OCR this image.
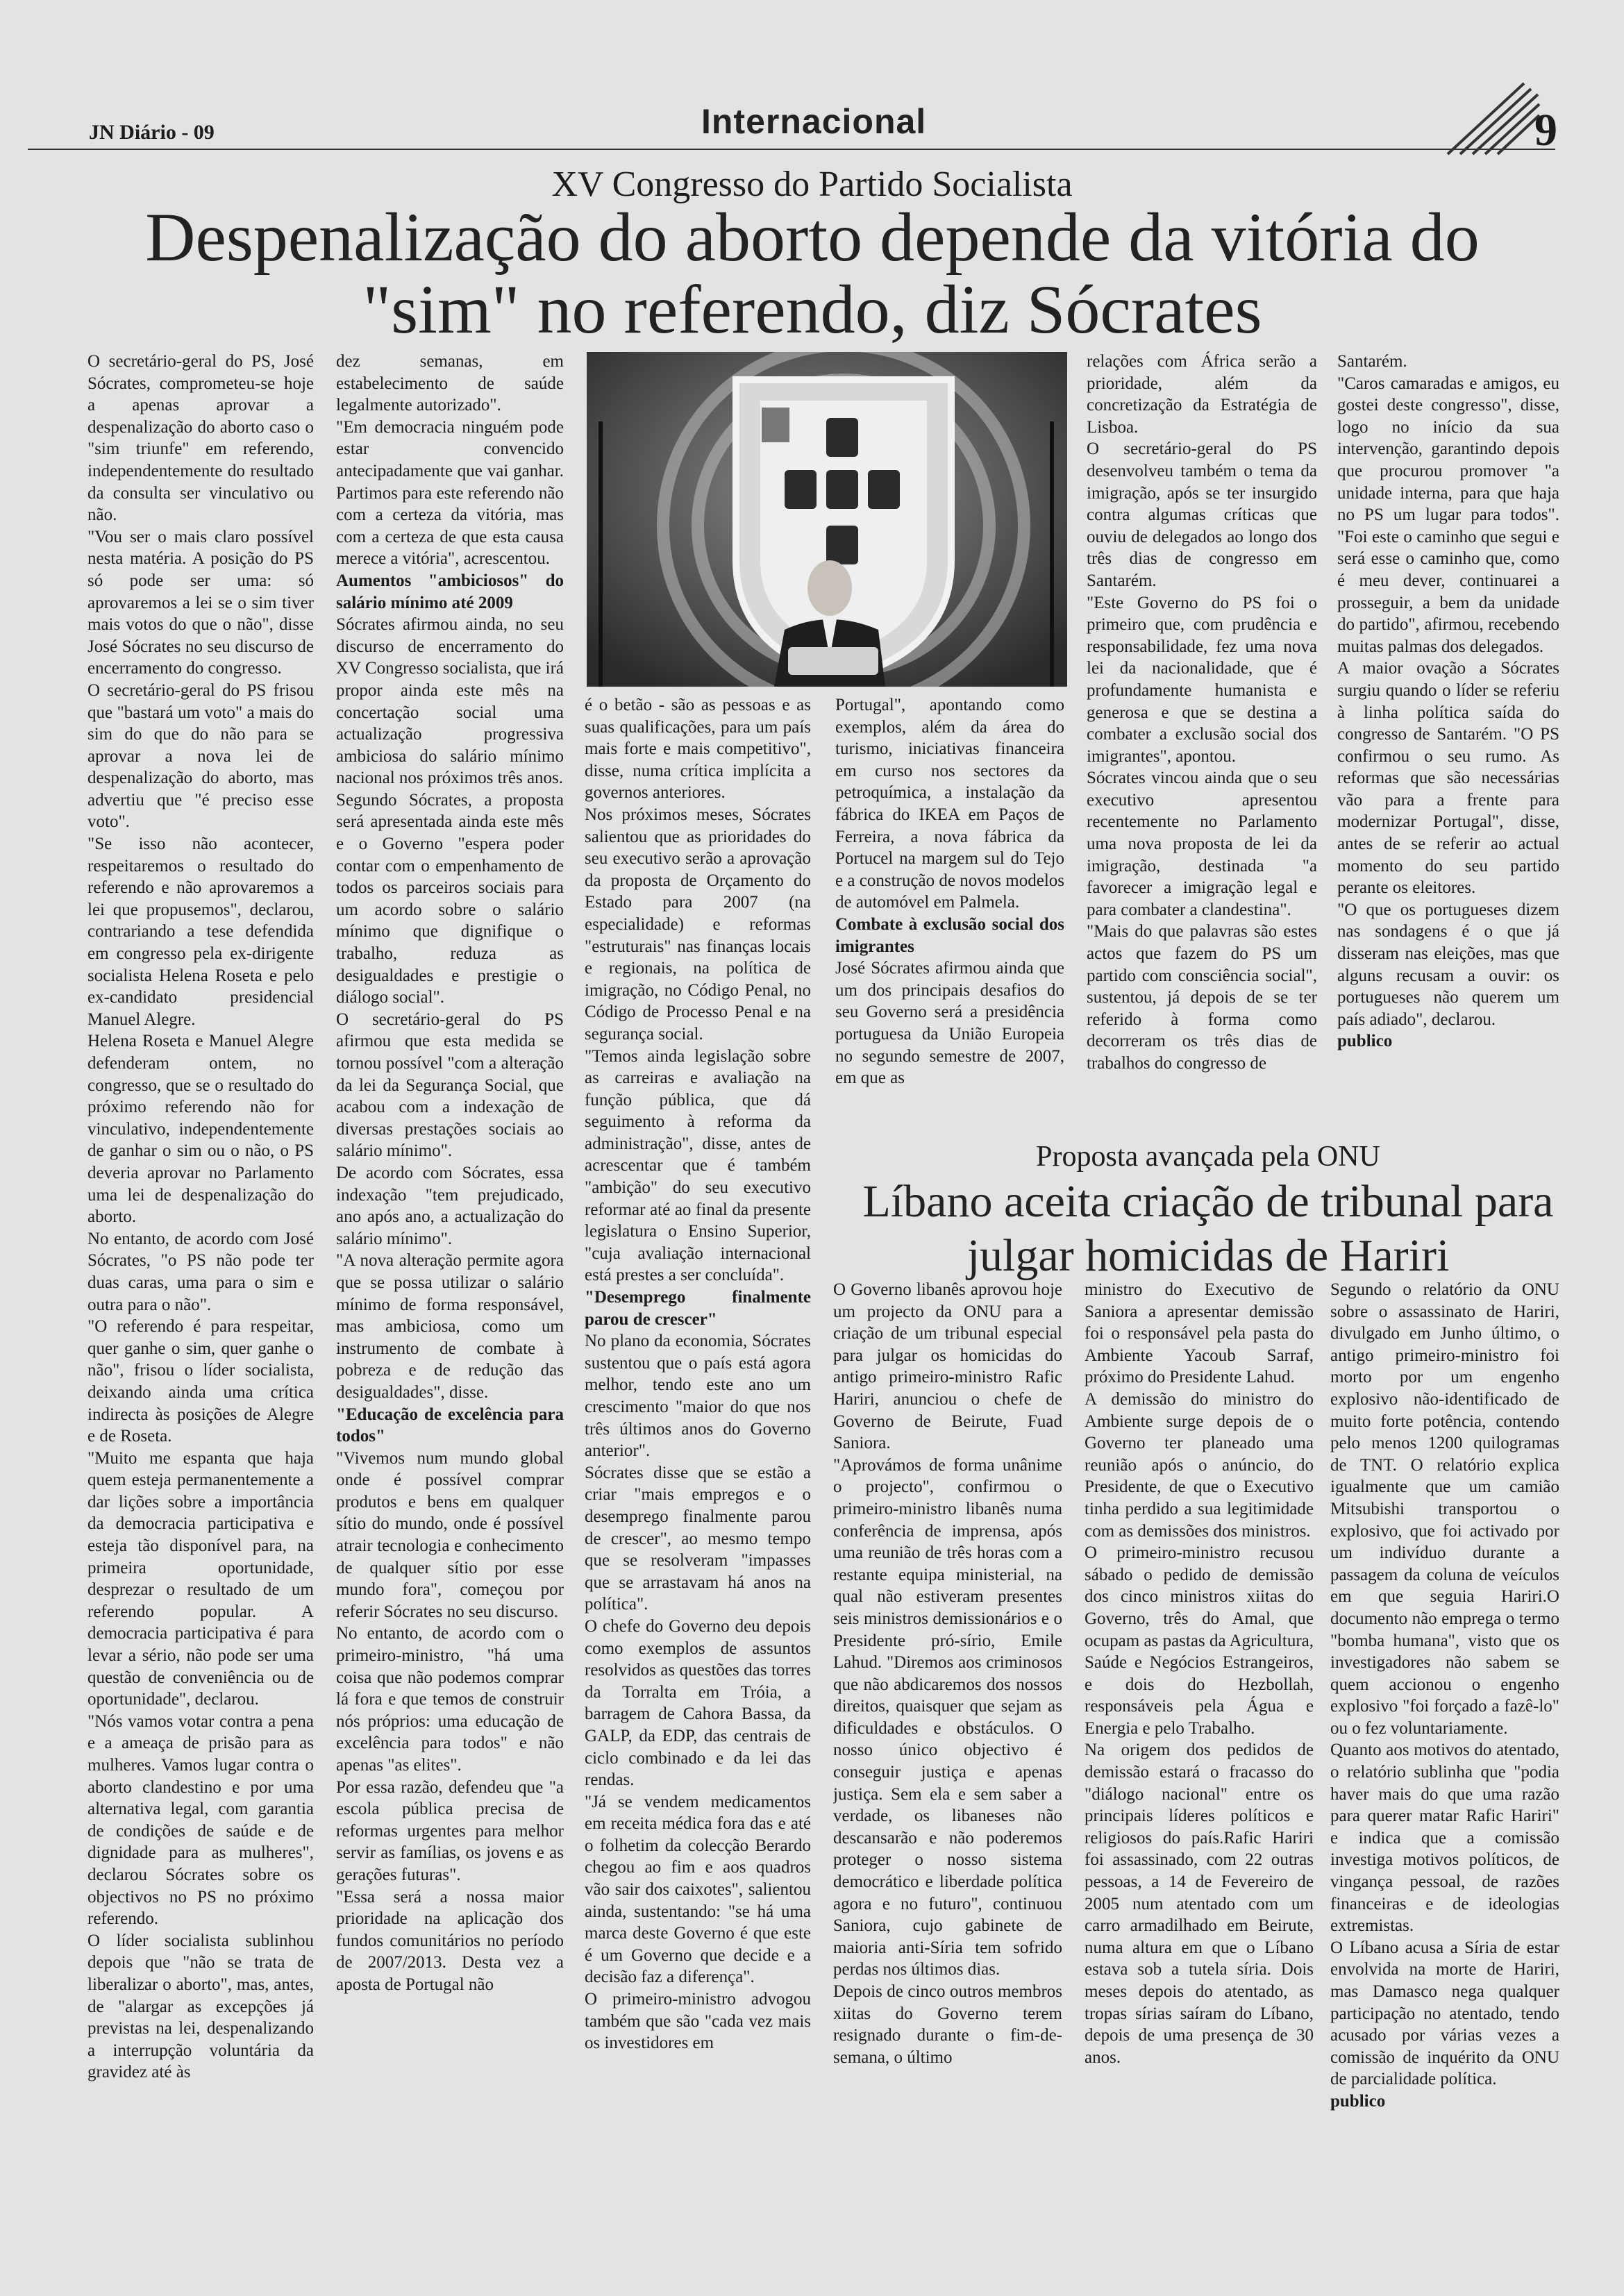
JN Diário - 09	Internacional	9
XV Congresso do Partido Socialista
Despenalização do aborto depende da vitória do "sim" no referendo, diz Sócrates

O secretário-geral do PS, José Sócrates, comprometeu-se hoje a apenas aprovar a despenalização do aborto caso o "sim triunfe" em referendo, independentemente do resultado da consulta ser vinculativo ou não.

"Vou ser o mais claro possível nesta matéria. A posição do PS só pode ser uma: só aprovaremos a lei se o sim tiver mais votos do que o não", disse José Sócrates no seu discurso de encerramento do congresso.

O secretário-geral do PS frisou que "bastará um voto" a mais do sim do que do não para se aprovar a nova lei de despenalização do aborto, mas advertiu que "é preciso esse voto".

"Se isso não acontecer, respeitaremos o resultado do referendo e não aprovaremos a lei que propusemos", declarou, contrariando a tese defendida em congresso pela ex-dirigente socialista Helena Roseta e pelo ex-candidato presidencial Manuel Alegre.

Helena Roseta e Manuel Alegre defenderam ontem, no congresso, que se o resultado do próximo referendo não for vinculativo, independentemente de ganhar o sim ou o não, o PS deveria aprovar no Parlamento uma lei de despenalização do aborto.

No entanto, de acordo com José Sócrates, "o PS não pode ter duas caras, uma para o sim e outra para o não".

"O referendo é para respeitar, quer ganhe o sim, quer ganhe o não", frisou o líder socialista, deixando ainda uma crítica indirecta às posições de Alegre e de Roseta.

"Muito me espanta que haja quem esteja permanentemente a dar lições sobre a importância da democracia participativa e esteja tão disponível para, na primeira oportunidade, desprezar o resultado de um referendo popular. A democracia participativa é para levar a sério, não pode ser uma questão de conveniência ou de oportunidade", declarou.

"Nós vamos votar contra a pena e a ameaça de prisão para as mulheres. Vamos lugar contra o aborto clandestino e por uma alternativa legal, com garantia de condições de saúde e de dignidade para as mulheres", declarou Sócrates sobre os objectivos no PS no próximo referendo.

O líder socialista sublinhou depois que "não se trata de liberalizar o aborto", mas, antes, de "alargar as excepções já previstas na lei, despenalizando a interrupção voluntária da gravidez até às

dez semanas, em estabelecimento de saúde legalmente autorizado".

"Em democracia ninguém pode estar convencido antecipadamente que vai ganhar. Partimos para este referendo não com a certeza da vitória, mas com a certeza de que esta causa merece a vitória", acrescentou.

Aumentos "ambiciosos" do salário mínimo até 2009

Sócrates afirmou ainda, no seu discurso de encerramento do XV Congresso socialista, que irá propor ainda este mês na concertação social uma actualização progressiva ambiciosa do salário mínimo nacional nos próximos três anos.

Segundo Sócrates, a proposta será apresentada ainda este mês e o Governo "espera poder contar com o empenhamento de todos os parceiros sociais para um acordo sobre o salário mínimo que dignifique o trabalho, reduza as desigualdades e prestigie o diálogo social".

O secretário-geral do PS afirmou que esta medida se tornou possível "com a alteração da lei da Segurança Social, que acabou com a indexação de diversas prestações sociais ao salário mínimo".

De acordo com Sócrates, essa indexação "tem prejudicado, ano após ano, a actualização do salário mínimo".

"A nova alteração permite agora que se possa utilizar o salário mínimo de forma responsável, mas ambiciosa, como um instrumento de combate à pobreza e de redução das desigualdades", disse.

"Educação de excelência para todos"

"Vivemos num mundo global onde é possível comprar produtos e bens em qualquer sítio do mundo, onde é possível atrair tecnologia e conhecimento de qualquer sítio por esse mundo fora", começou por referir Sócrates no seu discurso.

No entanto, de acordo com o primeiro-ministro, "há uma coisa que não podemos comprar lá fora e que temos de construir nós próprios: uma educação de excelência para todos" e não apenas "as elites".

Por essa razão, defendeu que "a escola pública precisa de reformas urgentes para melhor servir as famílias, os jovens e as gerações futuras".

"Essa será a nossa maior prioridade na aplicação dos fundos comunitários no período de 2007/2013. Desta vez a aposta de Portugal não

é o betão - são as pessoas e as suas qualificações, para um país mais forte e mais competitivo", disse, numa crítica implícita a governos anteriores.

Nos próximos meses, Sócrates salientou que as prioridades do seu executivo serão a aprovação da proposta de Orçamento do Estado para 2007 (na especialidade) e reformas "estruturais" nas finanças locais e regionais, na política de imigração, no Código Penal, no Código de Processo Penal e na segurança social.

"Temos ainda legislação sobre as carreiras e avaliação na função pública, que dá seguimento à reforma da administração", disse, antes de acrescentar que é também "ambição" do seu executivo reformar até ao final da presente legislatura o Ensino Superior, "cuja avaliação internacional está prestes a ser concluída".

"Desemprego finalmente parou de crescer"

No plano da economia, Sócrates sustentou que o país está agora melhor, tendo este ano um crescimento "maior do que nos três últimos anos do Governo anterior".

Sócrates disse que se estão a criar "mais empregos e o desemprego finalmente parou de crescer", ao mesmo tempo que se resolveram "impasses que se arrastavam há anos na política".

O chefe do Governo deu depois como exemplos de assuntos resolvidos as questões das torres da Torralta em Tróia, a barragem de Cahora Bassa, da GALP, da EDP, das centrais de ciclo combinado e da lei das rendas.

"Já se vendem medicamentos em receita médica fora das e até o folhetim da colecção Berardo chegou ao fim e aos quadros vão sair dos caixotes", salientou ainda, sustentando: "se há uma marca deste Governo é que este é um Governo que decide e a decisão faz a diferença".

O primeiro-ministro advogou também que são "cada vez mais os investidores em

Portugal", apontando como exemplos, além da área do turismo, iniciativas financeira em curso nos sectores da petroquímica, a instalação da fábrica do IKEA em Paços de Ferreira, a nova fábrica da Portucel na margem sul do Tejo e a construção de novos modelos de automóvel em Palmela.

Combate à exclusão social dos imigrantes

José Sócrates afirmou ainda que um dos principais desafios do seu Governo será a presidência portuguesa da União Europeia no segundo semestre de 2007, em que as

relações com África serão a prioridade, além da concretização da Estratégia de Lisboa.

O secretário-geral do PS desenvolveu também o tema da imigração, após se ter insurgido contra algumas críticas que ouviu de delegados ao longo dos três dias de congresso em Santarém.

"Este Governo do PS foi o primeiro que, com prudência e responsabilidade, fez uma nova lei da nacionalidade, que é profundamente humanista e generosa e que se destina a combater a exclusão social dos imigrantes", apontou.

Sócrates vincou ainda que o seu executivo apresentou recentemente no Parlamento uma nova proposta de lei da imigração, destinada "a favorecer a imigração legal e para combater a clandestina".

"Mais do que palavras são estes actos que fazem do PS um partido com consciência social", sustentou, já depois de se ter referido à forma como decorreram os três dias de trabalhos do congresso de

Santarém.

"Caros camaradas e amigos, eu gostei deste congresso", disse, logo no início da sua intervenção, garantindo depois que procurou promover "a unidade interna, para que haja no PS um lugar para todos". "Foi este o caminho que segui e será esse o caminho que, como é meu dever, continuarei a prosseguir, a bem da unidade do partido", afirmou, recebendo muitas palmas dos delegados.

A maior ovação a Sócrates surgiu quando o líder se referiu à linha política saída do congresso de Santarém. "O PS confirmou o seu rumo. As reformas que são necessárias vão para a frente para modernizar Portugal", disse, antes de se referir ao actual momento do seu partido perante os eleitores.

"O que os portugueses dizem nas sondagens é o que já disseram nas eleições, mas que alguns recusam a ouvir: os portugueses não querem um país adiado", declarou.

publico

Proposta avançada pela ONU
Líbano aceita criação de tribunal para julgar homicidas de Hariri

O Governo libanês aprovou hoje um projecto da ONU para a criação de um tribunal especial para julgar os homicidas do antigo primeiro-ministro Rafic Hariri, anunciou o chefe de Governo de Beirute, Fuad Saniora.

"Aprovámos de forma unânime o projecto", confirmou o primeiro-ministro libanês numa conferência de imprensa, após uma reunião de três horas com a restante equipa ministerial, na qual não estiveram presentes seis ministros demissionários e o Presidente pró-sírio, Emile Lahud. "Diremos aos criminosos que não abdicaremos dos nossos direitos, quaisquer que sejam as dificuldades e obstáculos. O nosso único objectivo é conseguir justiça e apenas justiça. Sem ela e sem saber a verdade, os libaneses não descansarão e não poderemos proteger o nosso sistema democrático e liberdade política agora e no futuro", continuou Saniora, cujo gabinete de maioria anti-Síria tem sofrido perdas nos últimos dias.

Depois de cinco outros membros xiitas do Governo terem resignado durante o fim-de-semana, o último

ministro do Executivo de Saniora a apresentar demissão foi o responsável pela pasta do Ambiente Yacoub Sarraf, próximo do Presidente Lahud.

A demissão do ministro do Ambiente surge depois de o Governo ter planeado uma reunião após o anúncio, do Presidente, de que o Executivo tinha perdido a sua legitimidade com as demissões dos ministros.

O primeiro-ministro recusou sábado o pedido de demissão dos cinco ministros xiitas do Governo, três do Amal, que ocupam as pastas da Agricultura, Saúde e Negócios Estrangeiros, e dois do Hezbollah, responsáveis pela Água e Energia e pelo Trabalho.

Na origem dos pedidos de demissão estará o fracasso do "diálogo nacional" entre os principais líderes políticos e religiosos do país.Rafic Hariri foi assassinado, com 22 outras pessoas, a 14 de Fevereiro de 2005 num atentado com um carro armadilhado em Beirute, numa altura em que o Líbano estava sob a tutela síria. Dois meses depois do atentado, as tropas sírias saíram do Líbano, depois de uma presença de 30 anos.

Segundo o relatório da ONU sobre o assassinato de Hariri, divulgado em Junho último, o antigo primeiro-ministro foi morto por um engenho explosivo não-identificado de muito forte potência, contendo pelo menos 1200 quilogramas de TNT. O relatório explica igualmente que um camião Mitsubishi transportou o explosivo, que foi activado por um indivíduo durante a passagem da coluna de veículos em que seguia Hariri.O documento não emprega o termo "bomba humana", visto que os investigadores não sabem se quem accionou o engenho explosivo "foi forçado a fazê-lo" ou o fez voluntariamente.

Quanto aos motivos do atentado, o relatório sublinha que "podia haver mais do que uma razão para querer matar Rafic Hariri" e indica que a comissão investiga motivos políticos, de vingança pessoal, de razões financeiras e de ideologias extremistas.

O Líbano acusa a Síria de estar envolvida na morte de Hariri, mas Damasco nega qualquer participação no atentado, tendo acusado por várias vezes a comissão de inquérito da ONU de parcialidade política.

publico
